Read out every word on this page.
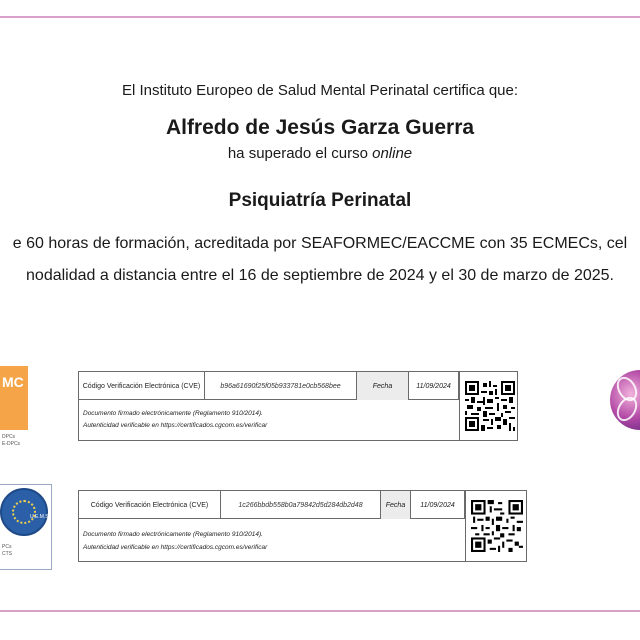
El Instituto Europeo de Salud Mental Perinatal certifica que:
Alfredo de Jesús Garza Guerra
ha superado el curso online
Psiquiatría Perinatal
e 60 horas de formación, acreditada por SEAFORMEC/EACCME con 35 ECMECs, cel
nodalidad a distancia entre el 16 de septiembre de 2024 y el 30 de marzo de 2025.
MC
DPCs
E-DPCs
U.E.M.S.
PCs
CTS
Código Verificación Electrónica (CVE)	b96a61690f25f05b933781e0cb568bee	Fecha	11/09/2024
Documento firmado electrónicamente (Reglamento 910/2014).
Autenticidad verificable en https://certificados.cgcom.es/verificar
Código Verificación Electrónica (CVE)	1c266bbdb558b0a79842d5d284db2d48	Fecha	11/09/2024
Documento firmado electrónicamente (Reglamento 910/2014).
Autenticidad verificable en https://certificados.cgcom.es/verificar
